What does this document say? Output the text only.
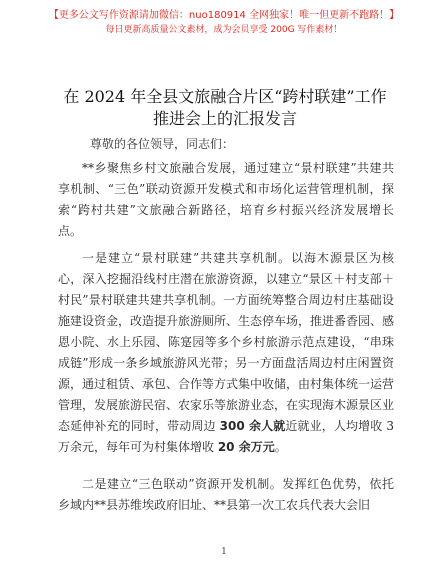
【更多公文写作资源请加微信：nuo180914 全网独家！唯一但更新不跑路！】
每日更新高质量公文素材，成为会员享受 200G 写作素材！
在 2024 年全县文旅融合片区“跨村联建”工作
推进会上的汇报发言
尊敬的各位领导，同志们：

**乡聚焦乡村文旅融合发展，通过建立“景村联建”共建共享机制、“三色”联动资源开发模式和市场化运营管理机制，探索“跨村共建”文旅融合新路径，培育乡村振兴经济发展增长点。

一是建立“景村联建”共建共享机制。以海木源景区为核心，深入挖掘沿线村庄潜在旅游资源，以建立“景区＋村支部＋村民”景村联建共建共享机制。一方面统筹整合周边村庄基础设施建设资金，改造提升旅游厕所、生态停车场，推进番香园、感恩小院、水上乐园、陈寔园等多个乡村旅游示范点建设，“串珠成链”形成一条乡域旅游风光带；另一方面盘活周边村庄闲置资源，通过租赁、承包、合作等方式集中收储，由村集体统一运营管理，发展旅游民宿、农家乐等旅游业态，在实现海木源景区业态延伸补充的同时，带动周边 300 余人就近就业，人均增收 3 万余元，每年可为村集体增收 20 余万元。

二是建立“三色联动”资源开发机制。发挥红色优势，依托乡域内**县苏维埃政府旧址、**县第一次工农兵代表大会旧

1
